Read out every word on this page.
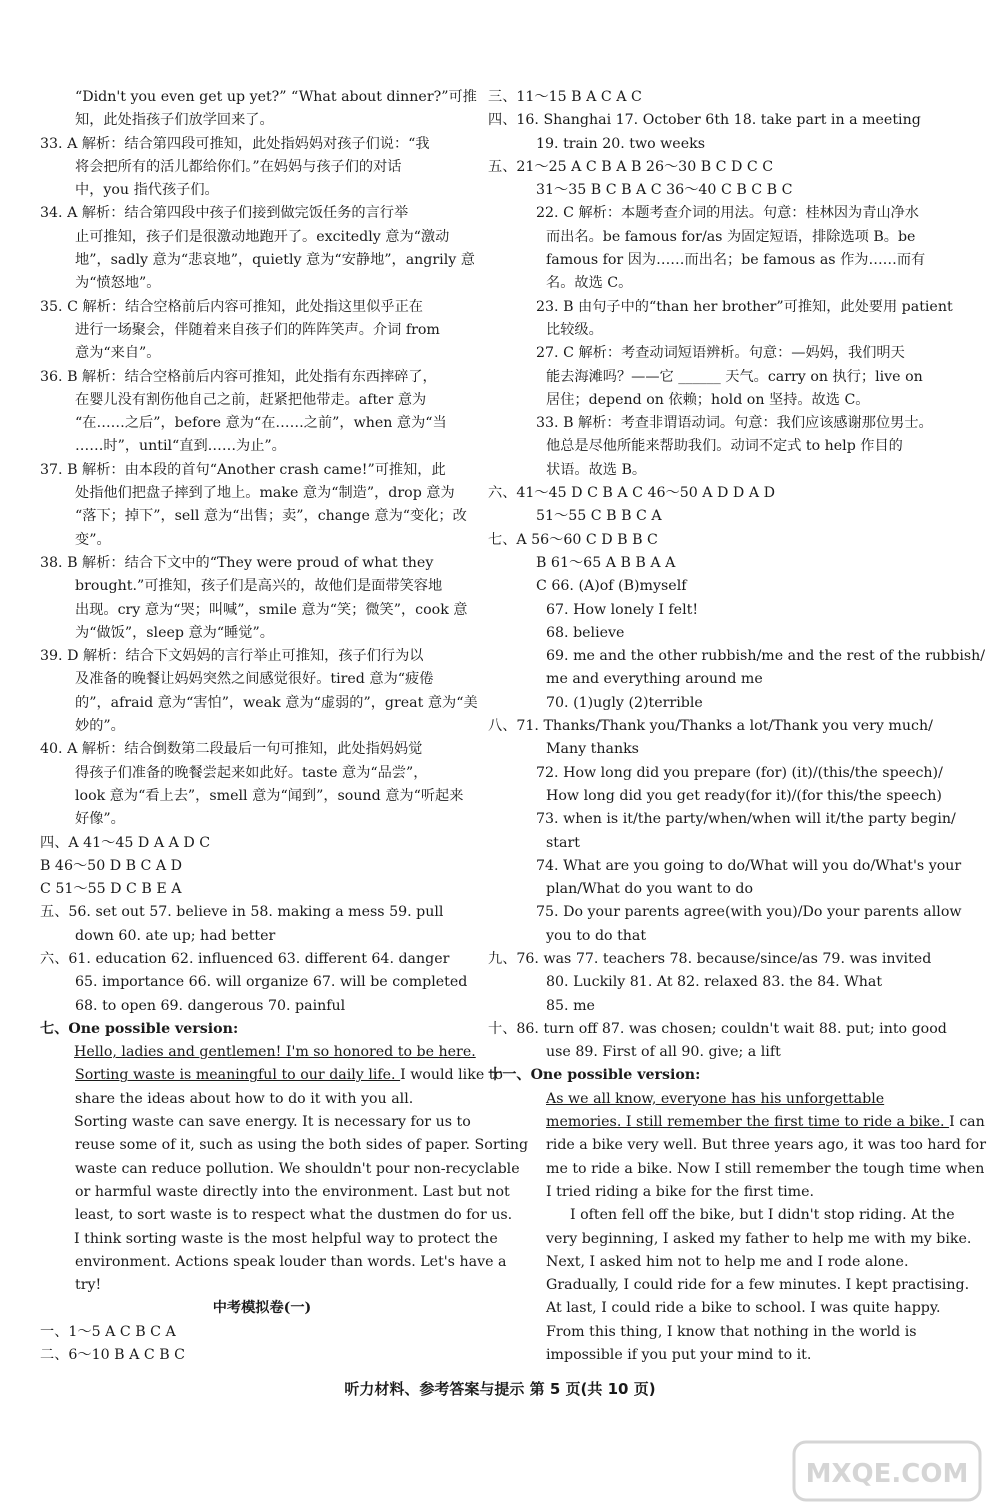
“Didn't you even get up yet?” “What about dinner?”可推
知，此处指孩子们放学回来了。
33. A 解析：结合第四段可推知，此处指妈妈对孩子们说：“我
将会把所有的活儿都给你们。”在妈妈与孩子们的对话
中，you 指代孩子们。
34. A 解析：结合第四段中孩子们接到做完饭任务的言行举
止可推知，孩子们是很激动地跑开了。excitedly 意为“激动
地”，sadly 意为“悲哀地”，quietly 意为“安静地”，angrily 意
为“愤怒地”。
35. C 解析：结合空格前后内容可推知，此处指这里似乎正在
进行一场聚会，伴随着来自孩子们的阵阵笑声。介词 from
意为“来自”。
36. B 解析：结合空格前后内容可推知，此处指有东西摔碎了，
在婴儿没有割伤他自己之前，赶紧把他带走。after 意为
“在……之后”，before 意为“在……之前”，when 意为“当
……时”，until“直到……为止”。
37. B 解析：由本段的首句“Another crash came!”可推知，此
处指他们把盘子摔到了地上。make 意为“制造”，drop 意为
“落下；掉下”，sell 意为“出售；卖”，change 意为“变化；改
变”。
38. B 解析：结合下文中的“They were proud of what they
brought.”可推知，孩子们是高兴的，故他们是面带笑容地
出现。cry 意为“哭；叫喊”，smile 意为“笑；微笑”，cook 意
为“做饭”，sleep 意为“睡觉”。
39. D 解析：结合下文妈妈的言行举止可推知，孩子们行为以
及准备的晚餐让妈妈突然之间感觉很好。tired 意为“疲倦
的”，afraid 意为“害怕”，weak 意为“虚弱的”，great 意为“美
妙的”。
40. A 解析：结合倒数第二段最后一句可推知，此处指妈妈觉
得孩子们准备的晚餐尝起来如此好。taste 意为“品尝”，
look 意为“看上去”，smell 意为“闻到”，sound 意为“听起来
好像”。
四、A 41～45 D A A D C
B 46～50 D B C A D
C 51～55 D C B E A
五、56. set out 57. believe in 58. making a mess 59. pull
down 60. ate up; had better
六、61. education 62. influenced 63. different 64. danger
65. importance 66. will organize 67. will be completed
68. to open 69. dangerous 70. painful
七、One possible version:
Hello, ladies and gentlemen! I'm so honored to be here.
Sorting waste is meaningful to our daily life. I would like to
share the ideas about how to do it with you all.
Sorting waste can save energy. It is necessary for us to
reuse some of it, such as using the both sides of paper. Sorting
waste can reduce pollution. We shouldn't pour non-recyclable
or harmful waste directly into the environment. Last but not
least, to sort waste is to respect what the dustmen do for us.
I think sorting waste is the most helpful way to protect the
environment. Actions speak louder than words. Let's have a
try!
中考模拟卷(一)
一、1～5 A C B C A
二、6～10 B A C B C
三、11～15 B A C A C
四、16. Shanghai 17. October 6th 18. take part in a meeting
19. train 20. two weeks
五、21～25 A C B A B 26～30 B C D C C
31～35 B C B A C 36～40 C B C B C
22. C 解析：本题考查介词的用法。句意：桂林因为青山净水
而出名。be famous for/as 为固定短语，排除选项 B。be
famous for 因为……而出名；be famous as 作为……而有
名。故选 C。
23. B 由句子中的“than her brother”可推知，此处要用 patient
比较级。
27. C 解析：考查动词短语辨析。句意：—妈妈，我们明天
能去海滩吗？——它 ______ 天气。carry on 执行；live on
居住；depend on 依赖；hold on 坚持。故选 C。
33. B 解析：考查非谓语动词。句意：我们应该感谢那位男士。
他总是尽他所能来帮助我们。动词不定式 to help 作目的
状语。故选 B。
六、41～45 D C B A C 46～50 A D D A D
51～55 C B B C A
七、A 56～60 C D B B C
B 61～65 A B B A A
C 66. (A)of (B)myself
67. How lonely I felt!
68. believe
69. me and the other rubbish/me and the rest of the rubbish/
me and everything around me
70. (1)ugly (2)terrible
八、71. Thanks/Thank you/Thanks a lot/Thank you very much/
Many thanks
72. How long did you prepare (for) (it)/(this/the speech)/
How long did you get ready(for it)/(for this/the speech)
73. when is it/the party/when/when will it/the party begin/
start
74. What are you going to do/What will you do/What's your
plan/What do you want to do
75. Do your parents agree(with you)/Do your parents allow
you to do that
九、76. was 77. teachers 78. because/since/as 79. was invited
80. Luckily 81. At 82. relaxed 83. the 84. What
85. me
十、86. turn off 87. was chosen; couldn't wait 88. put; into good
use 89. First of all 90. give; a lift
十一、One possible version:
As we all know, everyone has his unforgettable
memories. I still remember the first time to ride a bike. I can
ride a bike very well. But three years ago, it was too hard for
me to ride a bike. Now I still remember the tough time when
I tried riding a bike for the first time.
I often fell off the bike, but I didn't stop riding. At the
very beginning, I asked my father to help me with my bike.
Next, I asked him not to help me and I rode alone.
Gradually, I could ride for a few minutes. I kept practising.
At last, I could ride a bike to school. I was quite happy.
From this thing, I know that nothing in the world is
impossible if you put your mind to it.
听力材料、参考答案与提示 第 5 页(共 10 页)
MXQE.COM
